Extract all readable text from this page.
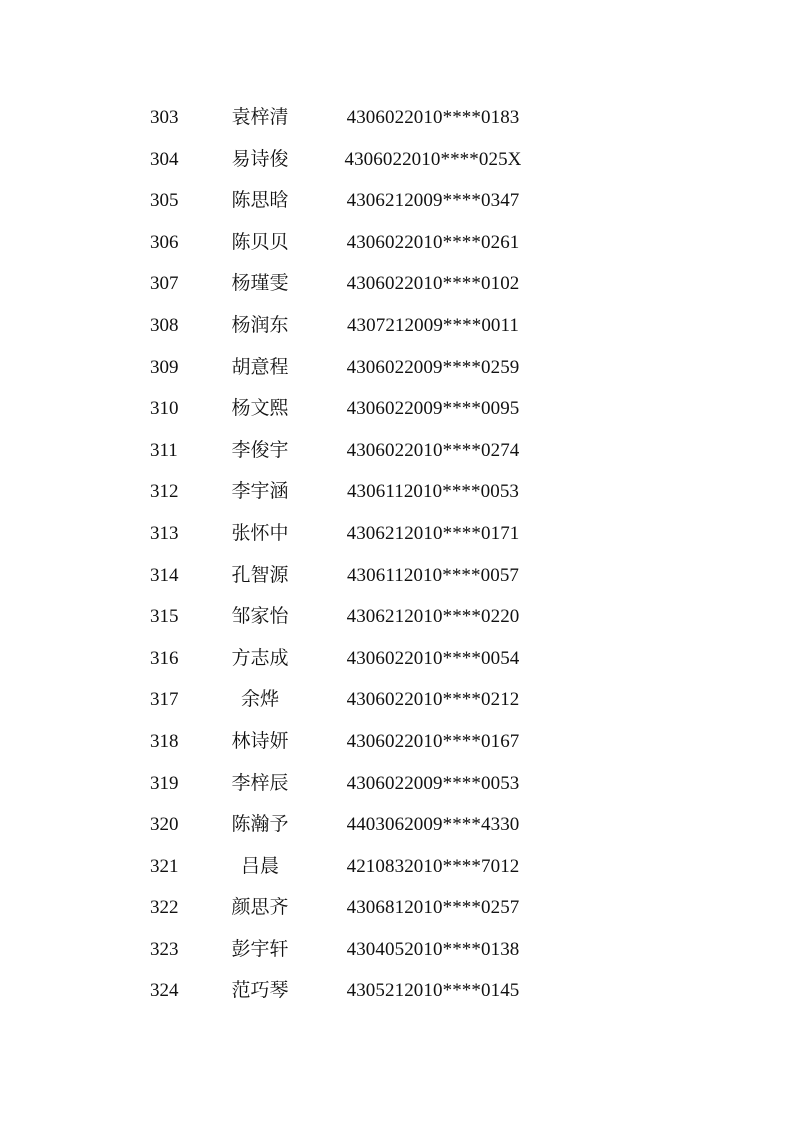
303	袁梓清	4306022010****0183
304	易诗俊	4306022010****025X
305	陈思晗	4306212009****0347
306	陈贝贝	4306022010****0261
307	杨瑾雯	4306022010****0102
308	杨润东	4307212009****0011
309	胡意程	4306022009****0259
310	杨文熙	4306022009****0095
311	李俊宇	4306022010****0274
312	李宇涵	4306112010****0053
313	张怀中	4306212010****0171
314	孔智源	4306112010****0057
315	邹家怡	4306212010****0220
316	方志成	4306022010****0054
317	余烨	4306022010****0212
318	林诗妍	4306022010****0167
319	李梓辰	4306022009****0053
320	陈瀚予	4403062009****4330
321	吕晨	4210832010****7012
322	颜思齐	4306812010****0257
323	彭宇轩	4304052010****0138
324	范巧琴	4305212010****0145
